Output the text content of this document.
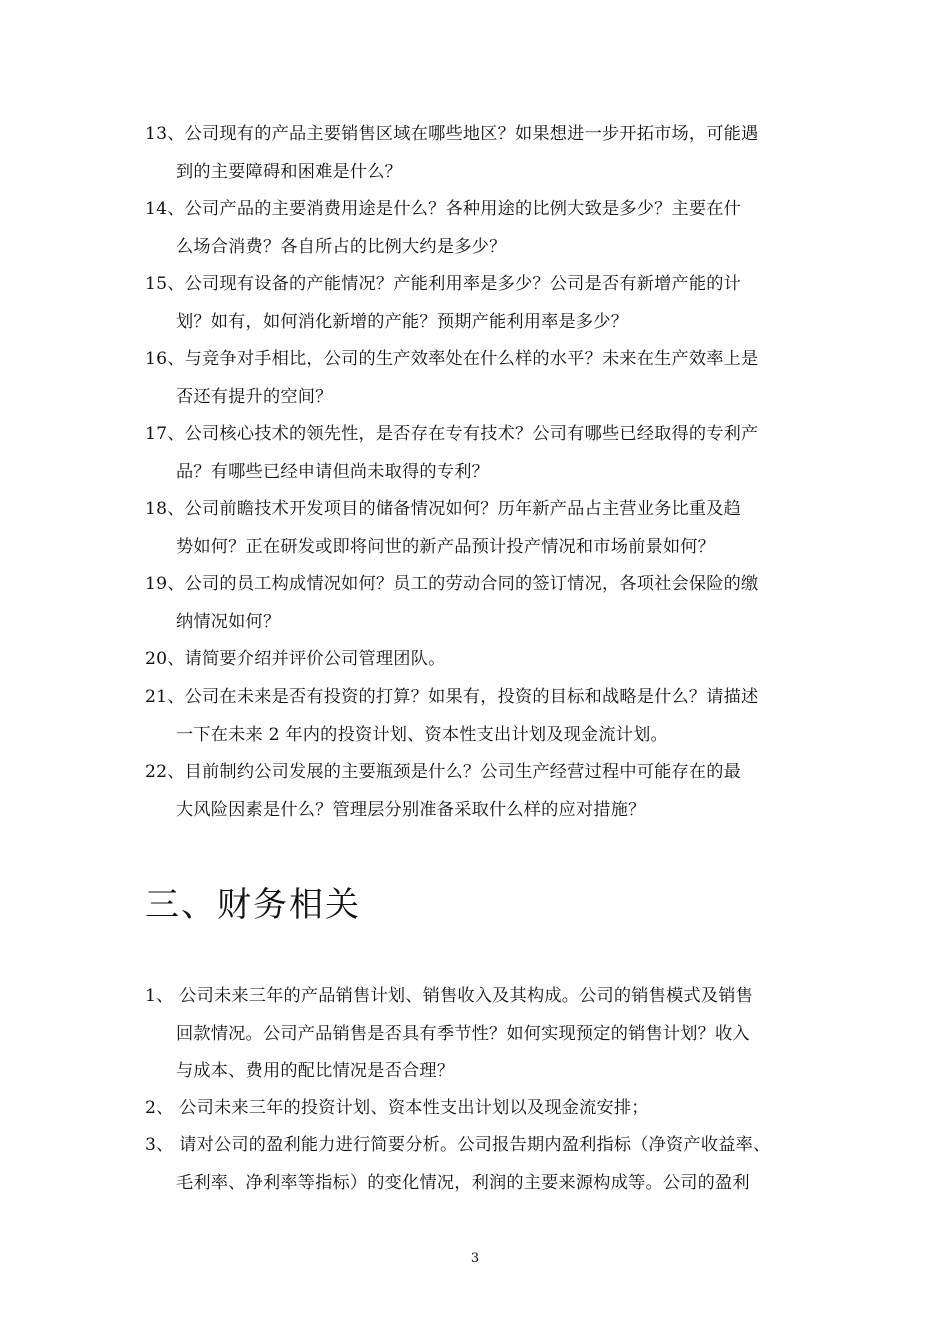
13、公司现有的产品主要销售区域在哪些地区？如果想进一步开拓市场，可能遇
到的主要障碍和困难是什么？
14、公司产品的主要消费用途是什么？各种用途的比例大致是多少？主要在什
么场合消费？各自所占的比例大约是多少？
15、公司现有设备的产能情况？产能利用率是多少？公司是否有新增产能的计
划？如有，如何消化新增的产能？预期产能利用率是多少？
16、与竞争对手相比，公司的生产效率处在什么样的水平？未来在生产效率上是
否还有提升的空间？
17、公司核心技术的领先性，是否存在专有技术？公司有哪些已经取得的专利产
品？有哪些已经申请但尚未取得的专利？
18、公司前瞻技术开发项目的储备情况如何？历年新产品占主营业务比重及趋
势如何？正在研发或即将问世的新产品预计投产情况和市场前景如何？
19、公司的员工构成情况如何？员工的劳动合同的签订情况，各项社会保险的缴
纳情况如何？
20、请简要介绍并评价公司管理团队。
21、公司在未来是否有投资的打算？如果有，投资的目标和战略是什么？请描述
一下在未来 2 年内的投资计划、资本性支出计划及现金流计划。
22、目前制约公司发展的主要瓶颈是什么？公司生产经营过程中可能存在的最
大风险因素是什么？管理层分别准备采取什么样的应对措施？
三、财务相关
1、 公司未来三年的产品销售计划、销售收入及其构成。公司的销售模式及销售
回款情况。公司产品销售是否具有季节性？如何实现预定的销售计划？收入
与成本、费用的配比情况是否合理？
2、 公司未来三年的投资计划、资本性支出计划以及现金流安排；
3、 请对公司的盈利能力进行简要分析。公司报告期内盈利指标（净资产收益率、
毛利率、净利率等指标）的变化情况，利润的主要来源构成等。公司的盈利
3
